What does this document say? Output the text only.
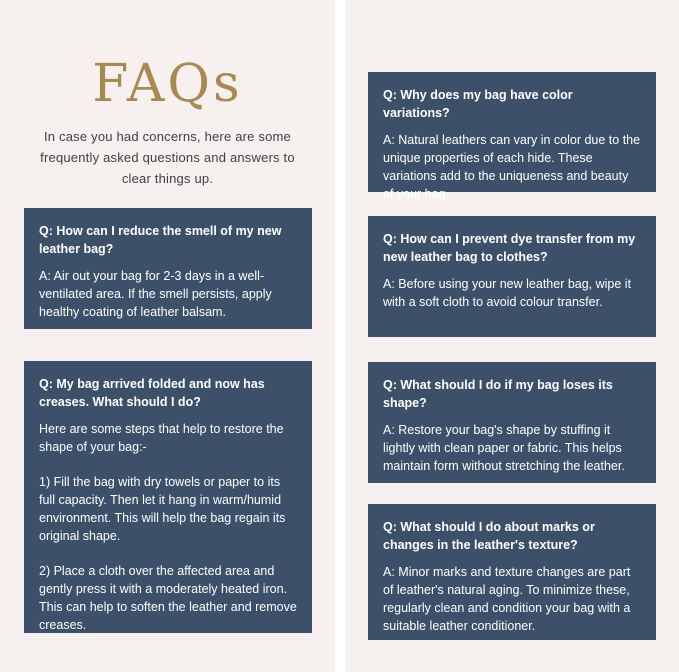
FAQs
In case you had concerns, here are some frequently asked questions and answers to clear things up.

Q: How can I reduce the smell of my new leather bag?

A: Air out your bag for 2-3 days in a well-ventilated area. If the smell persists, apply healthy coating of leather balsam.

Q: My bag arrived folded and now has creases. What should I do?

Here are some steps that help to restore the shape of your bag:-

1) Fill the bag with dry towels or paper to its full capacity. Then let it hang in warm/humid environment. This will help the bag regain its original shape.

2) Place a cloth over the affected area and gently press it with a moderately heated iron. This can help to soften the leather and remove creases.

Q: Why does my bag have color variations?

A: Natural leathers can vary in color due to the unique properties of each hide. These variations add to the uniqueness and beauty of your bag.

Q: How can I prevent dye transfer from my new leather bag to clothes?

A: Before using your new leather bag, wipe it with a soft cloth to avoid colour transfer.

Q: What should I do if my bag loses its shape?

A: Restore your bag's shape by stuffing it lightly with clean paper or fabric. This helps maintain form without stretching the leather.

Q: What should I do about marks or changes in the leather's texture?

A: Minor marks and texture changes are part of leather's natural aging. To minimize these, regularly clean and condition your bag with a suitable leather conditioner.
